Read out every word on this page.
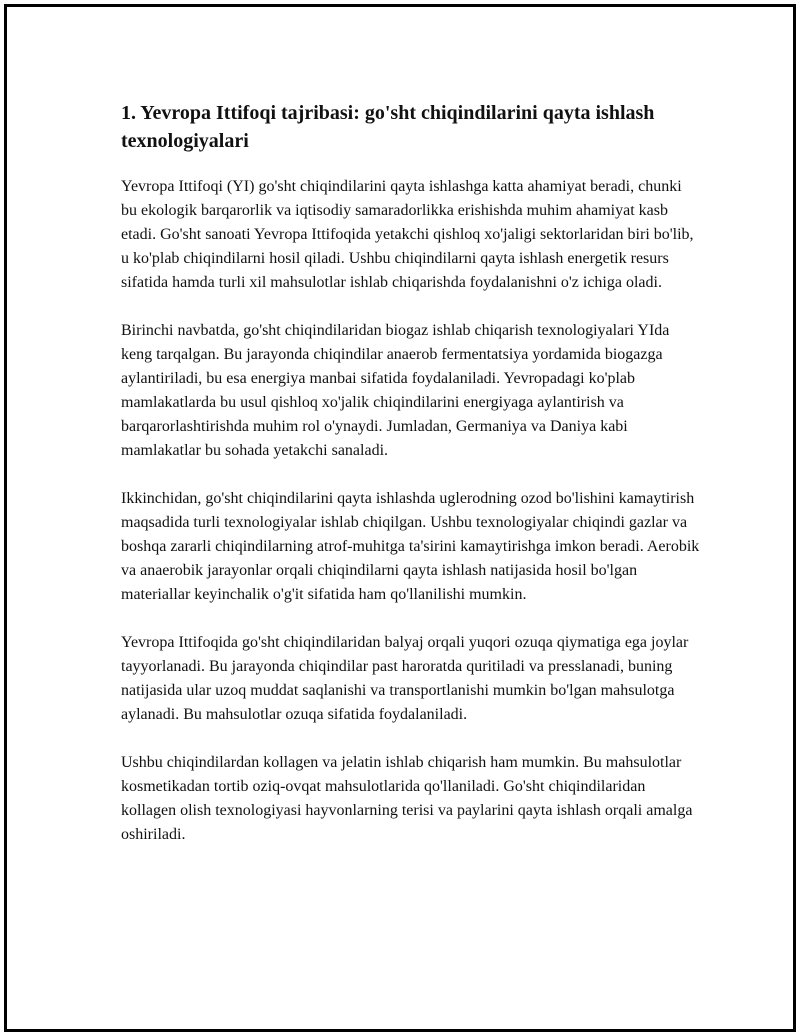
1. Yevropa Ittifoqi tajribasi: go'sht chiqindilarini qayta ishlash texnologiyalari

Yevropa Ittifoqi (YI) go'sht chiqindilarini qayta ishlashga katta ahamiyat beradi, chunki bu ekologik barqarorlik va iqtisodiy samaradorlikka erishishda muhim ahamiyat kasb etadi. Go'sht sanoati Yevropa Ittifoqida yetakchi qishloq xo'jaligi sektorlaridan biri bo'lib, u ko'plab chiqindilarni hosil qiladi. Ushbu chiqindilarni qayta ishlash energetik resurs sifatida hamda turli xil mahsulotlar ishlab chiqarishda foydalanishni o'z ichiga oladi.

Birinchi navbatda, go'sht chiqindilaridan biogaz ishlab chiqarish texnologiyalari YIda keng tarqalgan. Bu jarayonda chiqindilar anaerob fermentatsiya yordamida biogazga aylantiriladi, bu esa energiya manbai sifatida foydalaniladi. Yevropadagi ko'plab mamlakatlarda bu usul qishloq xo'jalik chiqindilarini energiyaga aylantirish va barqarorlashtirishda muhim rol o'ynaydi. Jumladan, Germaniya va Daniya kabi mamlakatlar bu sohada yetakchi sanaladi.

Ikkinchidan, go'sht chiqindilarini qayta ishlashda uglerodning ozod bo'lishini kamaytirish maqsadida turli texnologiyalar ishlab chiqilgan. Ushbu texnologiyalar chiqindi gazlar va boshqa zararli chiqindilarning atrof-muhitga ta'sirini kamaytirishga imkon beradi. Aerobik va anaerobik jarayonlar orqali chiqindilarni qayta ishlash natijasida hosil bo'lgan materiallar keyinchalik o'g'it sifatida ham qo'llanilishi mumkin.

Yevropa Ittifoqida go'sht chiqindilaridan balyaj orqali yuqori ozuqa qiymatiga ega joylar tayyorlanadi. Bu jarayonda chiqindilar past haroratda quritiladi va presslanadi, buning natijasida ular uzoq muddat saqlanishi va transportlanishi mumkin bo'lgan mahsulotga aylanadi. Bu mahsulotlar ozuqa sifatida foydalaniladi.

Ushbu chiqindilardan kollagen va jelatin ishlab chiqarish ham mumkin. Bu mahsulotlar kosmetikadan tortib oziq-ovqat mahsulotlarida qo'llaniladi. Go'sht chiqindilaridan kollagen olish texnologiyasi hayvonlarning terisi va paylarini qayta ishlash orqali amalga oshiriladi.
